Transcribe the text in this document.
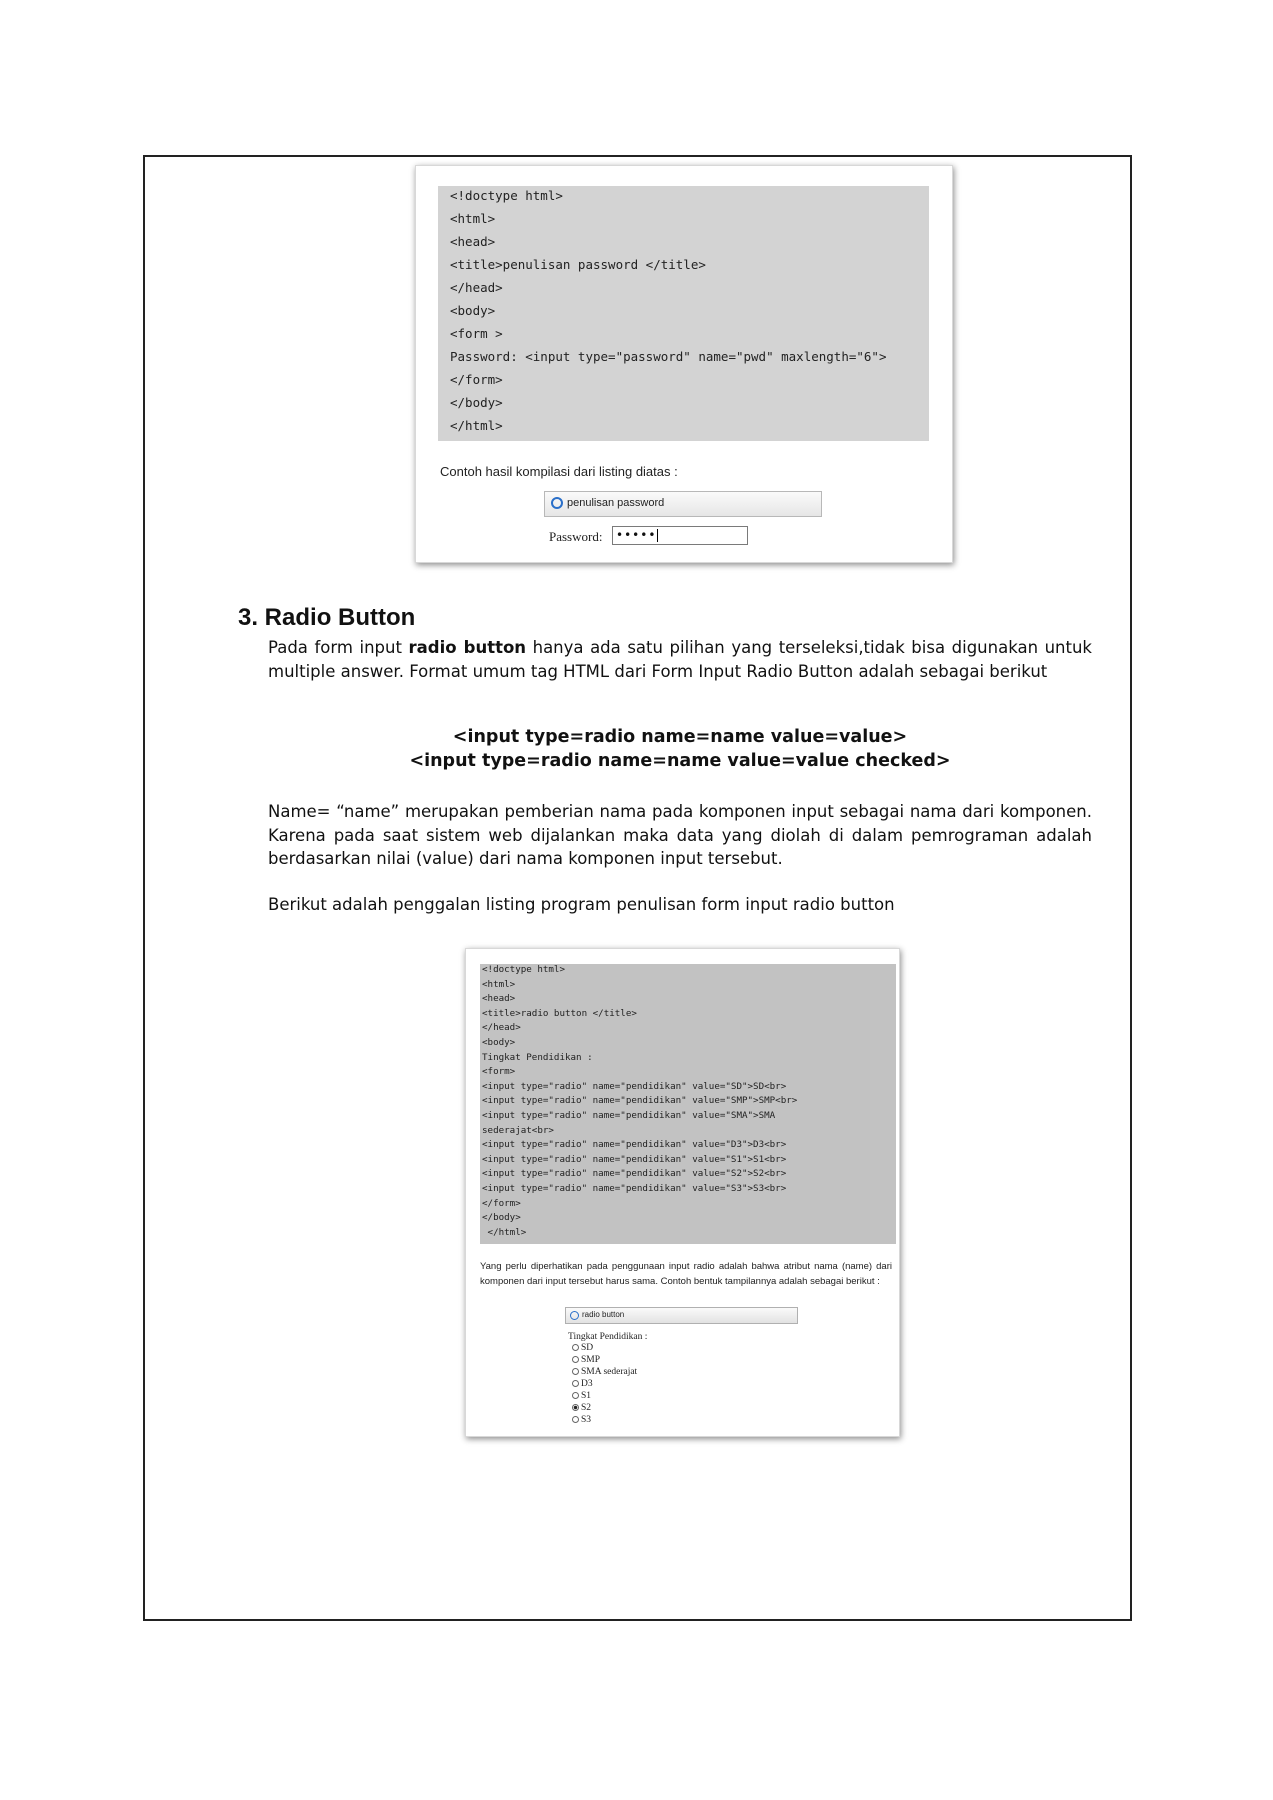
<!doctype html>
<html>
<head>
<title>penulisan password </title>
</head>
<body>
<form >
Password: <input type="password" name="pwd" maxlength="6">
</form>
</body>
</html>
Contoh hasil kompilasi dari listing diatas :
penulisan password
Password: •••••
3. Radio Button

Pada form input radio button hanya ada satu pilihan yang terseleksi,tidak bisa digunakan untuk multiple answer. Format umum tag HTML dari Form Input Radio Button adalah sebagai berikut

<input type=radio name=name value=value>
<input type=radio name=name value=value checked>

Name= “name” merupakan pemberian nama pada komponen input sebagai nama dari komponen. Karena pada saat sistem web dijalankan maka data yang diolah di dalam pemrograman adalah berdasarkan nilai (value) dari nama komponen input tersebut.

Berikut adalah penggalan listing program penulisan form input radio button

<!doctype html>
<html>
<head>
<title>radio button </title>
</head>
<body>
Tingkat Pendidikan :
<form>
<input type="radio" name="pendidikan" value="SD">SD<br>
<input type="radio" name="pendidikan" value="SMP">SMP<br>
<input type="radio" name="pendidikan" value="SMA">SMA
sederajat<br>
<input type="radio" name="pendidikan" value="D3">D3<br>
<input type="radio" name="pendidikan" value="S1">S1<br>
<input type="radio" name="pendidikan" value="S2">S2<br>
<input type="radio" name="pendidikan" value="S3">S3<br>
</form>
</body>
</html>

Yang perlu diperhatikan pada penggunaan input radio adalah bahwa atribut nama (name) dari komponen dari input tersebut harus sama. Contoh bentuk tampilannya adalah sebagai berikut :

radio button
Tingkat Pendidikan :
SD
SMP
SMA sederajat
D3
S1
S2
S3
